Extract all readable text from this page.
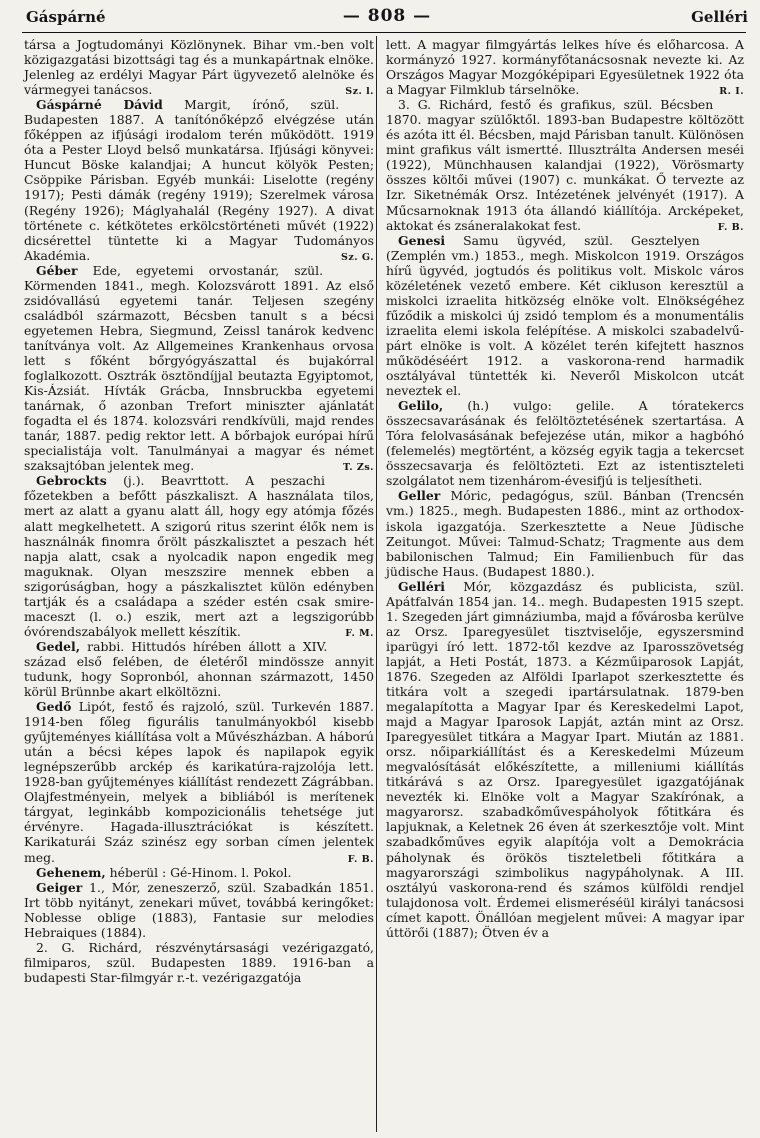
Gáspárné	— 808 —	Gelléri

társa a Jogtudományi Közlönynek. Bihar vm.-ben volt közigazgatási bizottsági tag és a munkapártnak elnöke. Jelenleg az erdélyi Magyar Párt ügyvezető alelnöke és vármegyei tanácsos.	Sz. l.

Gáspárné Dávid Margit, írónő, szül. Budapesten 1887. A tanítónőképző elvégzése után főképpen az ifjúsági irodalom terén működött. 1919 óta a Pester Lloyd belső munkatársa. Ifjúsági könyvei: Huncut Böske kalandjai; A huncut kölyök Pesten; Csöppike Párisban. Egyéb munkái: Liselotte (regény 1917); Pesti dámák (regény 1919); Szerelmek városa (Regény 1926); Máglyahalál (Regény 1927). A divat története c. kétkötetes erkölcstörténeti művét (1922) dicsérettel tüntette ki a Magyar Tudományos Akadémia.	Sz. G.

Géber Ede, egyetemi orvostanár, szül. Körmenden 1841., megh. Kolozsvárott 1891. Az első zsidóvallású egyetemi tanár. Teljesen szegény családból származott, Bécsben tanult s a bécsi egyetemen Hebra, Siegmund, Zeissl tanárok kedvenc tanítványa volt. Az Allgemeines Krankenhaus orvosa lett s főként bőrgyógyászattal és bujakórral foglalkozott. Osztrák ösztöndíjjal beutazta Egyiptomot, Kis-Ázsiát. Hívták Grácba, Innsbruckba egyetemi tanárnak, ő azonban Trefort miniszter ajánlatát fogadta el és 1874. kolozsvári rendkívüli, majd rendes tanár, 1887. pedig rektor lett. A bőrbajok európai hírű specialistája volt. Tanulmányai a magyar és német szaksajtóban jelentek meg.	T. Zs.

Gebrockts (j.). Beavrttott. A peszachi főzetekben a befőtt pászkaliszt. A használata tilos, mert az alatt a gyanu alatt áll, hogy egy atómja főzés alatt megkelhetett. A szigorú ritus szerint élők nem is használnák finomra őrölt pászkalisztet a peszach hét napja alatt, csak a nyolcadik napon engedik meg maguknak. Olyan meszszire mennek ebben a szigorúságban, hogy a pászkalisztet külön edényben tartják és a családapa a széder estén csak smire-maceszt (l. o.) eszik, mert azt a legszigorúbb óvórendszabályok mellett készítik.	F. M.

Gedel, rabbi. Hittudós hírében állott a XIV. század első felében, de életéről mindössze annyit tudunk, hogy Sopronból, ahonnan származott, 1450 körül Brünnbe akart elköltözni.

Gedő Lipót, festő és rajzoló, szül. Turkevén 1887. 1914-ben főleg figurális tanulmányokból kisebb gyűjteményes kiállítása volt a Művészházban. A háború után a bécsi képes lapok és napilapok egyik legnépszerűbb arckép és karikatúra-rajzolója lett. 1928-ban gyűjteményes kiállítást rendezett Zágrábban. Olajfestményein, melyek a bibliából is merítenek tárgyat, leginkább kompozicionális tehetsége jut érvényre. Hagada-illusztrációkat is készített. Karikaturái Száz szinész egy sorban címen jelentek meg.	F. B.

Gehenem, héberül : Gé-Hinom. l. Pokol.

Geiger 1., Mór, zeneszerző, szül. Szabadkán 1851. Irt több nyitányt, zenekari művet, továbbá keringőket: Noblesse oblige (1883), Fantasie sur melodies Hebraiques (1884).

2. G. Richárd, részvénytársasági vezérigazgató, filmiparos, szül. Budapesten 1889. 1916-ban a budapesti Star-filmgyár r.-t. vezérigazgatója

lett. A magyar filmgyártás lelkes híve és előharcosa. A kormányzó 1927. kormányfőtanácsosnak nevezte ki. Az Országos Magyar Mozgóképipari Egyesületnek 1922 óta a Magyar Filmklub társelnöke.	R. I.

3. G. Richárd, festő és grafikus, szül. Bécsben 1870. magyar szülőktől. 1893-ban Budapestre költözött és azóta itt él. Bécsben, majd Párisban tanult. Különösen mint grafikus vált ismertté. Illusztrálta Andersen meséi (1922), Münchhausen kalandjai (1922), Vörösmarty összes költői művei (1907) c. munkákat. Ő tervezte az Izr. Siketnémák Orsz. Intézetének jelvényét (1917). A Műcsarnoknak 1913 óta állandó kiállítója. Arcképeket, aktokat és zsáneralakokat fest.	F. B.

Genesi Samu ügyvéd, szül. Gesztelyen (Zemplén vm.) 1853., megh. Miskolcon 1919. Országos hírű ügyvéd, jogtudós és politikus volt. Miskolc város közéletének vezető embere. Két cikluson keresztül a miskolci izraelita hitközség elnöke volt. Elnökségéhez fűződik a miskolci új zsidó templom és a monumentális izraelita elemi iskola felépítése. A miskolci szabadelvű-párt elnöke is volt. A közélet terén kifejtett hasznos működéséért 1912. a vaskorona-rend harmadik osztályával tüntették ki. Neveről Miskolcon utcát neveztek el.

Gelilo, (h.) vulgo: gelile. A tóratekercs összecsavarásának és felöltöztetésének szertartása. A Tóra felolvasásának befejezése után, mikor a hagbóhó (felemelés) megtörtént, a község egyik tagja a tekercset összecsavarja és felöltözteti. Ezt az istentiszteleti szolgálatot nem tizenhárom-évesifjú is teljesítheti.

Geller Móric, pedagógus, szül. Bánban (Trencsén vm.) 1825., megh. Budapesten 1886., mint az orthodox-iskola igazgatója. Szerkesztette a Neue Jüdische Zeitungot. Művei: Talmud-Schatz; Tragmente aus dem babilonischen Talmud; Ein Familienbuch für das jüdische Haus. (Budapest 1880.).

Gelléri Mór, közgazdász és publicista, szül. Apátfalván 1854 jan. 14.. megh. Budapesten 1915 szept. 1. Szegeden járt gimnáziumba, majd a fővárosba kerülve az Orsz. Iparegyesület tisztviselője, egyszersmind iparügyi író lett. 1872-től kezdve az Iparosszövetség lapját, a Heti Postát, 1873. a Kézműiparosok Lapját, 1876. Szegeden az Alföldi Iparlapot szerkesztette és titkára volt a szegedi ipartársulatnak. 1879-ben megalapította a Magyar Ipar és Kereskedelmi Lapot, majd a Magyar Iparosok Lapját, aztán mint az Orsz. Iparegyesület titkára a Magyar Ipart. Miután az 1881. orsz. nőiparkiállítást és a Kereskedelmi Múzeum megvalósítását előkészítette, a milleniumi kiállítás titkárává s az Orsz. Iparegyesület igazgatójának nevezték ki. Elnöke volt a Magyar Szakírónak, a magyarorsz. szabadkőművespáholyok főtitkára és lapjuknak, a Keletnek 26 éven át szerkesztője volt. Mint szabadkőműves egyik alapítója volt a Demokrácia páholynak és örökös tiszteletbeli főtitkára a magyarországi szimbolikus nagypáholynak. A III. osztályú vaskorona-rend és számos külföldi rendjel tulajdonosa volt. Érdemei elismeréséül királyi tanácsosi címet kapott. Önállóan megjelent művei: A magyar ipar úttörői (1887); Ötven év a
